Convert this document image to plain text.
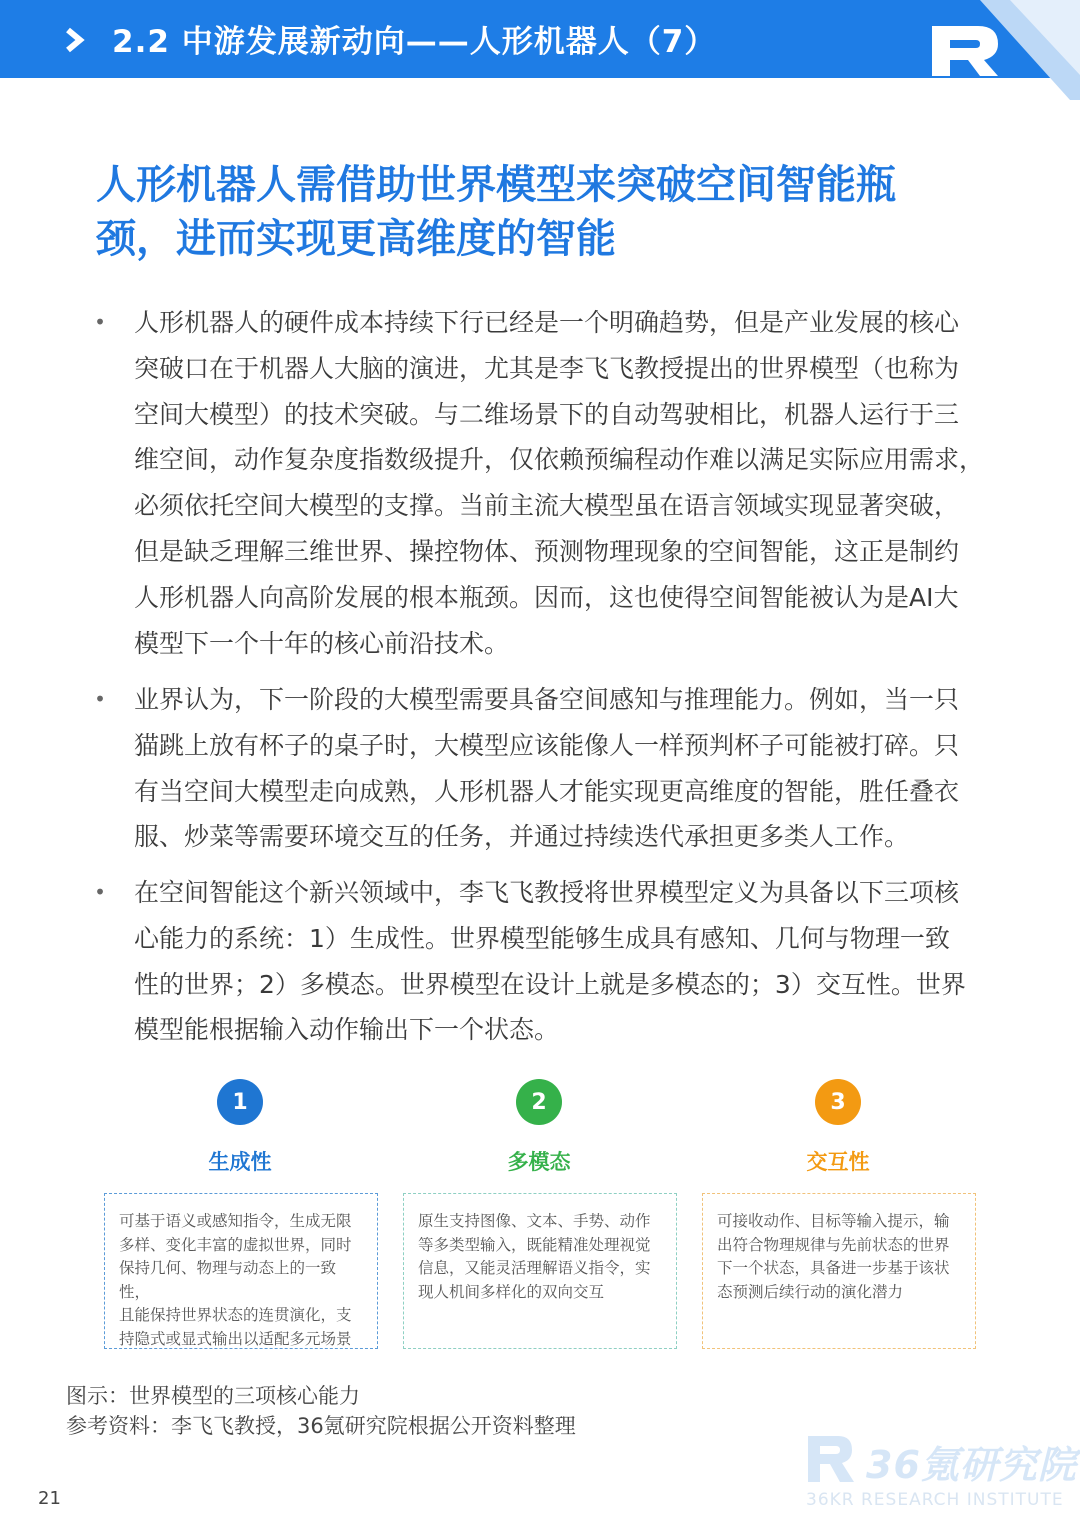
2.2 中游发展新动向——人形机器人（7）
人形机器人需借助世界模型来突破空间智能瓶
颈，进而实现更高维度的智能
• 人形机器人的硬件成本持续下行已经是一个明确趋势，但是产业发展的核心
突破口在于机器人大脑的演进，尤其是李飞飞教授提出的世界模型（也称为
空间大模型）的技术突破。与二维场景下的自动驾驶相比，机器人运行于三
维空间，动作复杂度指数级提升，仅依赖预编程动作难以满足实际应用需求，
必须依托空间大模型的支撑。当前主流大模型虽在语言领域实现显著突破，
但是缺乏理解三维世界、操控物体、预测物理现象的空间智能，这正是制约
人形机器人向高阶发展的根本瓶颈。因而，这也使得空间智能被认为是AI大
模型下一个十年的核心前沿技术。
• 业界认为，下一阶段的大模型需要具备空间感知与推理能力。例如，当一只
猫跳上放有杯子的桌子时，大模型应该能像人一样预判杯子可能被打碎。只
有当空间大模型走向成熟，人形机器人才能实现更高维度的智能，胜任叠衣
服、炒菜等需要环境交互的任务，并通过持续迭代承担更多类人工作。
• 在空间智能这个新兴领域中，李飞飞教授将世界模型定义为具备以下三项核
心能力的系统：1）生成性。世界模型能够生成具有感知、几何与物理一致
性的世界；2）多模态。世界模型在设计上就是多模态的；3）交互性。世界
模型能根据输入动作输出下一个状态。
1
生成性
可基于语义或感知指令，生成无限
多样、变化丰富的虚拟世界，同时
保持几何、物理与动态上的一致性，
且能保持世界状态的连贯演化，支
持隐式或显式输出以适配多元场景
2
多模态
原生支持图像、文本、手势、动作
等多类型输入，既能精准处理视觉
信息，又能灵活理解语义指令，实
现人机间多样化的双向交互
3
交互性
可接收动作、目标等输入提示，输
出符合物理规律与先前状态的世界
下一个状态，具备进一步基于该状
态预测后续行动的演化潜力
图示：世界模型的三项核心能力
参考资料：李飞飞教授，36氪研究院根据公开资料整理
21
36氪研究院
36KR RESEARCH INSTITUTE
